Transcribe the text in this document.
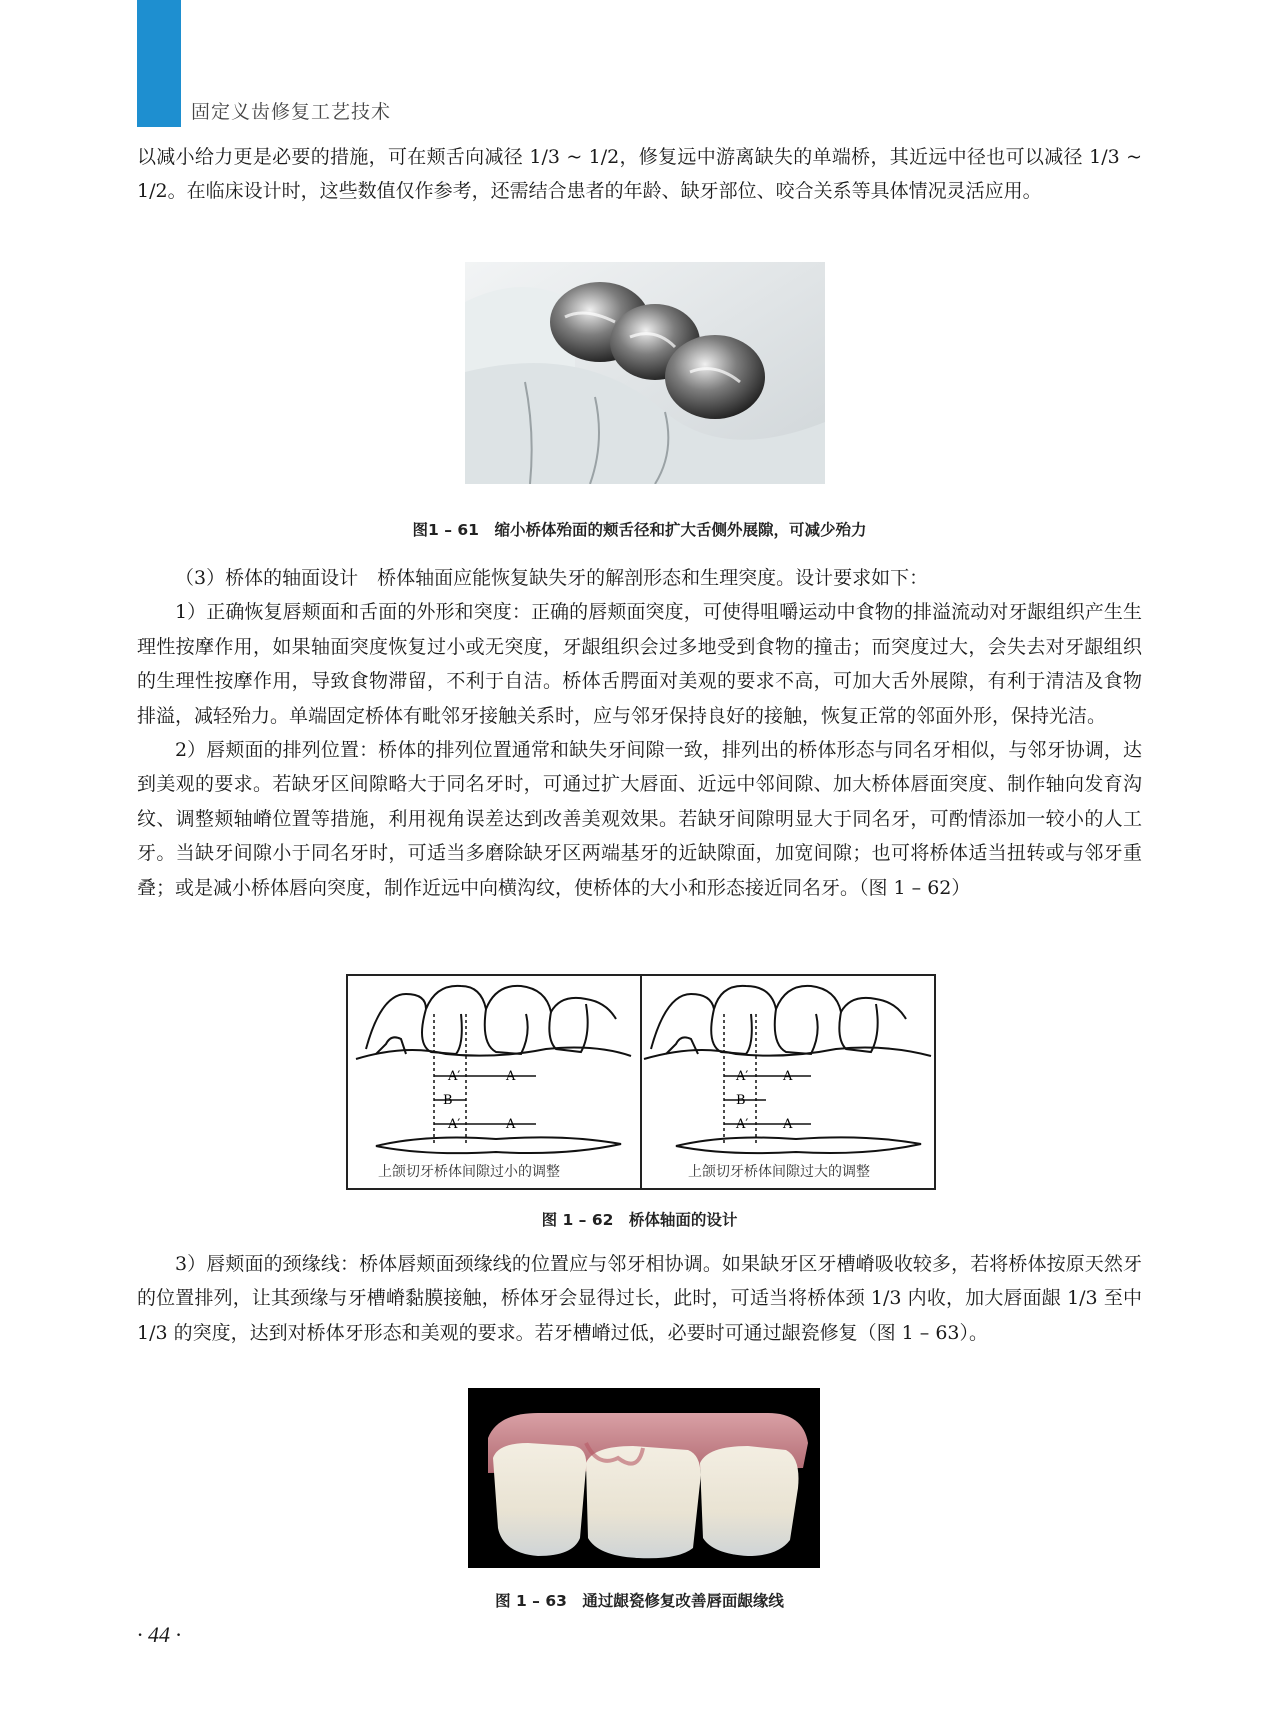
固定义齿修复工艺技术

以减小给力更是必要的措施，可在颊舌向减径 1/3 ~ 1/2，修复远中游离缺失的单端桥，其近远中径也可以减径 1/3 ~ 1/2。在临床设计时，这些数值仅作参考，还需结合患者的年龄、缺牙部位、咬合关系等具体情况灵活应用。

图1 – 61　缩小桥体殆面的颊舌径和扩大舌侧外展隙，可减少殆力

（3）桥体的轴面设计　桥体轴面应能恢复缺失牙的解剖形态和生理突度。设计要求如下：

1）正确恢复唇颊面和舌面的外形和突度：正确的唇颊面突度，可使得咀嚼运动中食物的排溢流动对牙龈组织产生生理性按摩作用，如果轴面突度恢复过小或无突度，牙龈组织会过多地受到食物的撞击；而突度过大，会失去对牙龈组织的生理性按摩作用，导致食物滞留，不利于自洁。桥体舌腭面对美观的要求不高，可加大舌外展隙，有利于清洁及食物排溢，减轻殆力。单端固定桥体有毗邻牙接触关系时，应与邻牙保持良好的接触，恢复正常的邻面外形，保持光洁。

2）唇颊面的排列位置：桥体的排列位置通常和缺失牙间隙一致，排列出的桥体形态与同名牙相似，与邻牙协调，达到美观的要求。若缺牙区间隙略大于同名牙时，可通过扩大唇面、近远中邻间隙、加大桥体唇面突度、制作轴向发育沟纹、调整颊轴嵴位置等措施，利用视角误差达到改善美观效果。若缺牙间隙明显大于同名牙，可酌情添加一较小的人工牙。当缺牙间隙小于同名牙时，可适当多磨除缺牙区两端基牙的近缺隙面，加宽间隙；也可将桥体适当扭转或与邻牙重叠；或是减小桥体唇向突度，制作近远中向横沟纹，使桥体的大小和形态接近同名牙。（图 1 – 62）

A′	A
B
A′	A
A′	A
B
A′	A
上颌切牙桥体间隙过小的调整	上颌切牙桥体间隙过大的调整
图 1 – 62　桥体轴面的设计

3）唇颊面的颈缘线：桥体唇颊面颈缘线的位置应与邻牙相协调。如果缺牙区牙槽嵴吸收较多，若将桥体按原天然牙的位置排列，让其颈缘与牙槽嵴黏膜接触，桥体牙会显得过长，此时，可适当将桥体颈 1/3 内收，加大唇面龈 1/3 至中 1/3 的突度，达到对桥体牙形态和美观的要求。若牙槽嵴过低，必要时可通过龈瓷修复（图 1 – 63）。

图 1 – 63　通过龈瓷修复改善唇面龈缘线
· 44 ·
